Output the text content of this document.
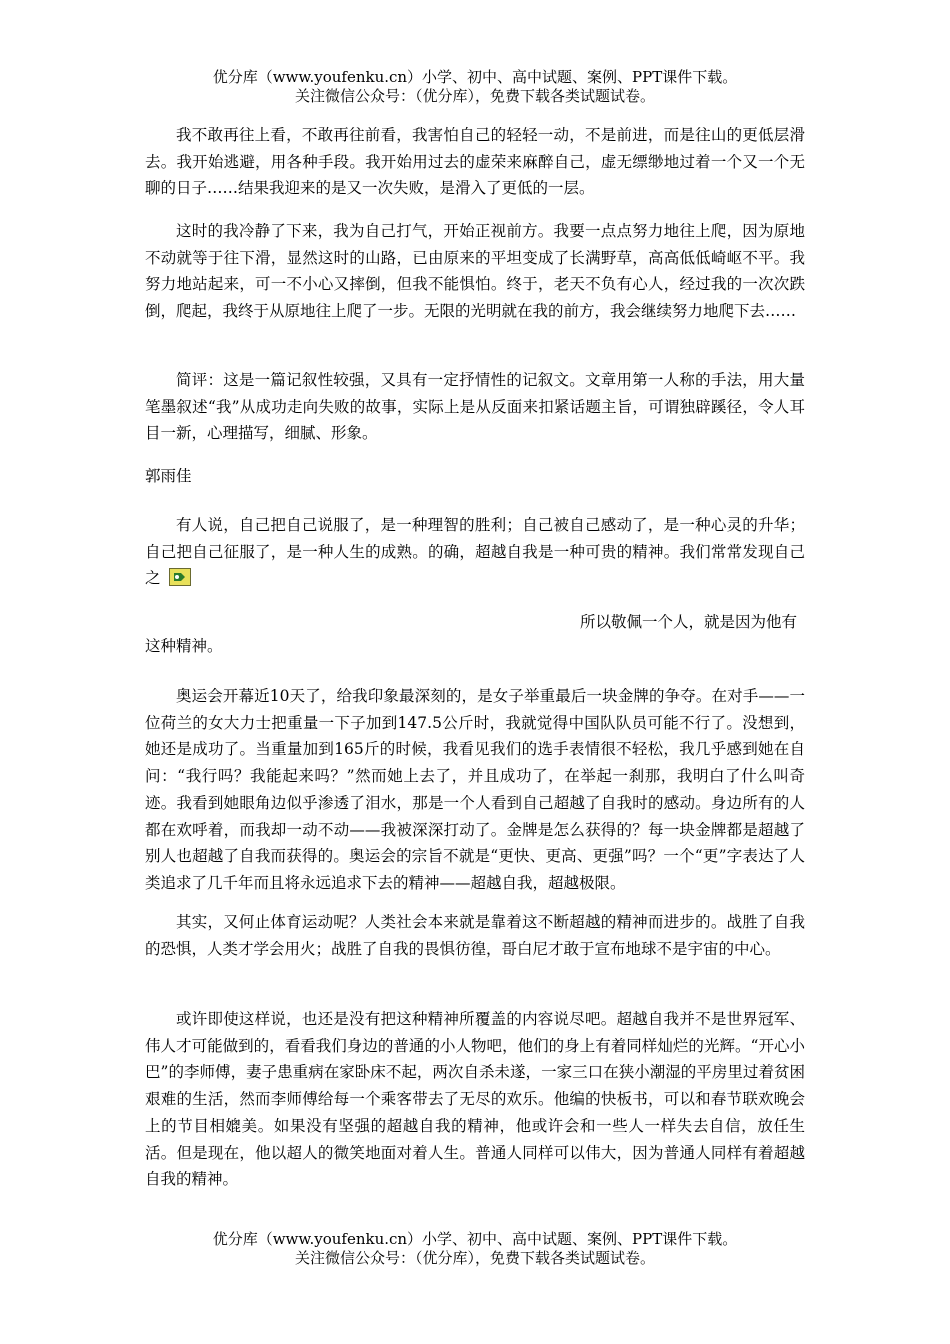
优分库（www.youfenku.cn）小学、初中、高中试题、案例、PPT课件下载。
关注微信公众号：（优分库），免费下载各类试题试卷。

我不敢再往上看，不敢再往前看，我害怕自己的轻轻一动，不是前进，而是往山的更低层滑去。我开始逃避，用各种手段。我开始用过去的虚荣来麻醉自己，虚无缥缈地过着一个又一个无聊的日子……结果我迎来的是又一次失败，是滑入了更低的一层。

这时的我冷静了下来，我为自己打气，开始正视前方。我要一点点努力地往上爬，因为原地不动就等于往下滑，显然这时的山路，已由原来的平坦变成了长满野草，高高低低崎岖不平。我努力地站起来，可一不小心又摔倒，但我不能惧怕。终于，老天不负有心人，经过我的一次次跌倒，爬起，我终于从原地往上爬了一步。无限的光明就在我的前方，我会继续努力地爬下去……

简评：这是一篇记叙性较强，又具有一定抒情性的记叙文。文章用第一人称的手法，用大量笔墨叙述“我”从成功走向失败的故事，实际上是从反面来扣紧话题主旨，可谓独辟蹊径，令人耳目一新，心理描写，细腻、形象。

郭雨佳

有人说，自己把自己说服了，是一种理智的胜利；自己被自己感动了，是一种心灵的升华；自己把自己征服了，是一种人生的成熟。的确，超越自我是一种可贵的精神。我们常常发现自己之

所以敬佩一个人，就是因为他有

这种精神。

奥运会开幕近10天了，给我印象最深刻的，是女子举重最后一块金牌的争夺。在对手——一位荷兰的女大力士把重量一下子加到147.5公斤时，我就觉得中国队队员可能不行了。没想到，她还是成功了。当重量加到165斤的时候，我看见我们的选手表情很不轻松，我几乎感到她在自问：“我行吗？我能起来吗？”然而她上去了，并且成功了，在举起一刹那，我明白了什么叫奇迹。我看到她眼角边似乎渗透了泪水，那是一个人看到自己超越了自我时的感动。身边所有的人都在欢呼着，而我却一动不动——我被深深打动了。金牌是怎么获得的？每一块金牌都是超越了别人也超越了自我而获得的。奥运会的宗旨不就是“更快、更高、更强”吗？一个“更”字表达了人类追求了几千年而且将永远追求下去的精神——超越自我，超越极限。

其实，又何止体育运动呢？人类社会本来就是靠着这不断超越的精神而进步的。战胜了自我的恐惧，人类才学会用火；战胜了自我的畏惧彷徨，哥白尼才敢于宣布地球不是宇宙的中心。

或许即使这样说，也还是没有把这种精神所覆盖的内容说尽吧。超越自我并不是世界冠军、伟人才可能做到的，看看我们身边的普通的小人物吧，他们的身上有着同样灿烂的光辉。“开心小巴”的李师傅，妻子患重病在家卧床不起，两次自杀未遂，一家三口在狭小潮湿的平房里过着贫困艰难的生活，然而李师傅给每一个乘客带去了无尽的欢乐。他编的快板书，可以和春节联欢晚会上的节目相媲美。如果没有坚强的超越自我的精神，他或许会和一些人一样失去自信，放任生活。但是现在，他以超人的微笑地面对着人生。普通人同样可以伟大，因为普通人同样有着超越自我的精神。

优分库（www.youfenku.cn）小学、初中、高中试题、案例、PPT课件下载。
关注微信公众号：（优分库），免费下载各类试题试卷。
